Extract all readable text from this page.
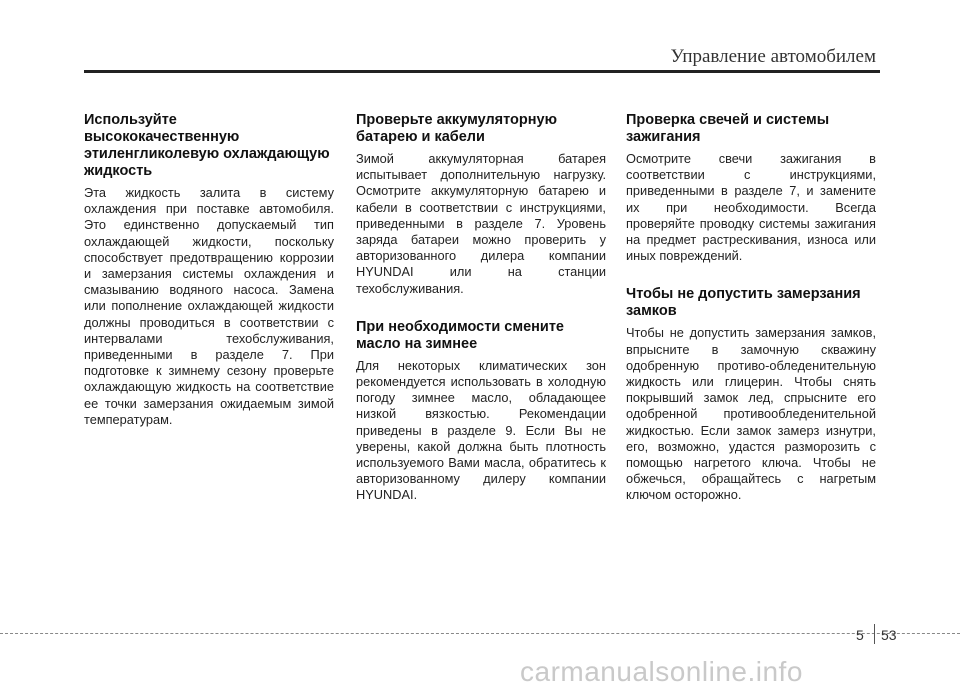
Управление автомобилем
Используйте высококачественную этиленгликолевую охлаждающую жидкость
Эта жидкость залита в систему охлаждения при поставке автомобиля. Это единственно допускаемый тип охлаждающей жидкости, поскольку способствует предотвращению коррозии и замерзания системы охлаждения и смазыванию водяного насоса. Замена или пополнение охлаждающей жидкости должны проводиться в соответствии с интервалами техобслуживания, приведенными в разделе 7. При подготовке к зимнему сезону проверьте охлаждающую жидкость на соответствие ее точки замерзания ожидаемым зимой температурам.
Проверьте аккумуляторную батарею и кабели
Зимой аккумуляторная батарея испытывает дополнительную нагрузку. Осмотрите аккумуляторную батарею и кабели в соответствии с инструкциями, приведенными в разделе 7. Уровень заряда батареи можно проверить у авторизованного дилера компании HYUNDAI или на станции техобслуживания.
При необходимости смените масло на зимнее
Для некоторых климатических зон рекомендуется использовать в холодную погоду зимнее масло, обладающее низкой вязкостью. Рекомендации приведены в разделе 9. Если Вы не уверены, какой должна быть плотность используемого Вами масла, обратитесь к авторизованному дилеру компании HYUNDAI.
Проверка свечей и системы зажигания
Осмотрите свечи зажигания в соответствии с инструкциями, приведенными в разделе 7, и замените их при необходимости. Всегда проверяйте проводку системы зажигания на предмет растрескивания, износа или иных повреждений.
Чтобы не допустить замерзания замков
Чтобы не допустить замерзания замков, впрысните в замочную скважину одобренную противо-обледенительную жидкость или глицерин. Чтобы снять покрывший замок лед, спрысните его одобренной противообледенительной жидкостью. Если замок замерз изнутри, его, возможно, удастся разморозить с помощью нагретого ключа. Чтобы не обжечься, обращайтесь с нагретым ключом осторожно.
5 53
carmanualsonline.info
